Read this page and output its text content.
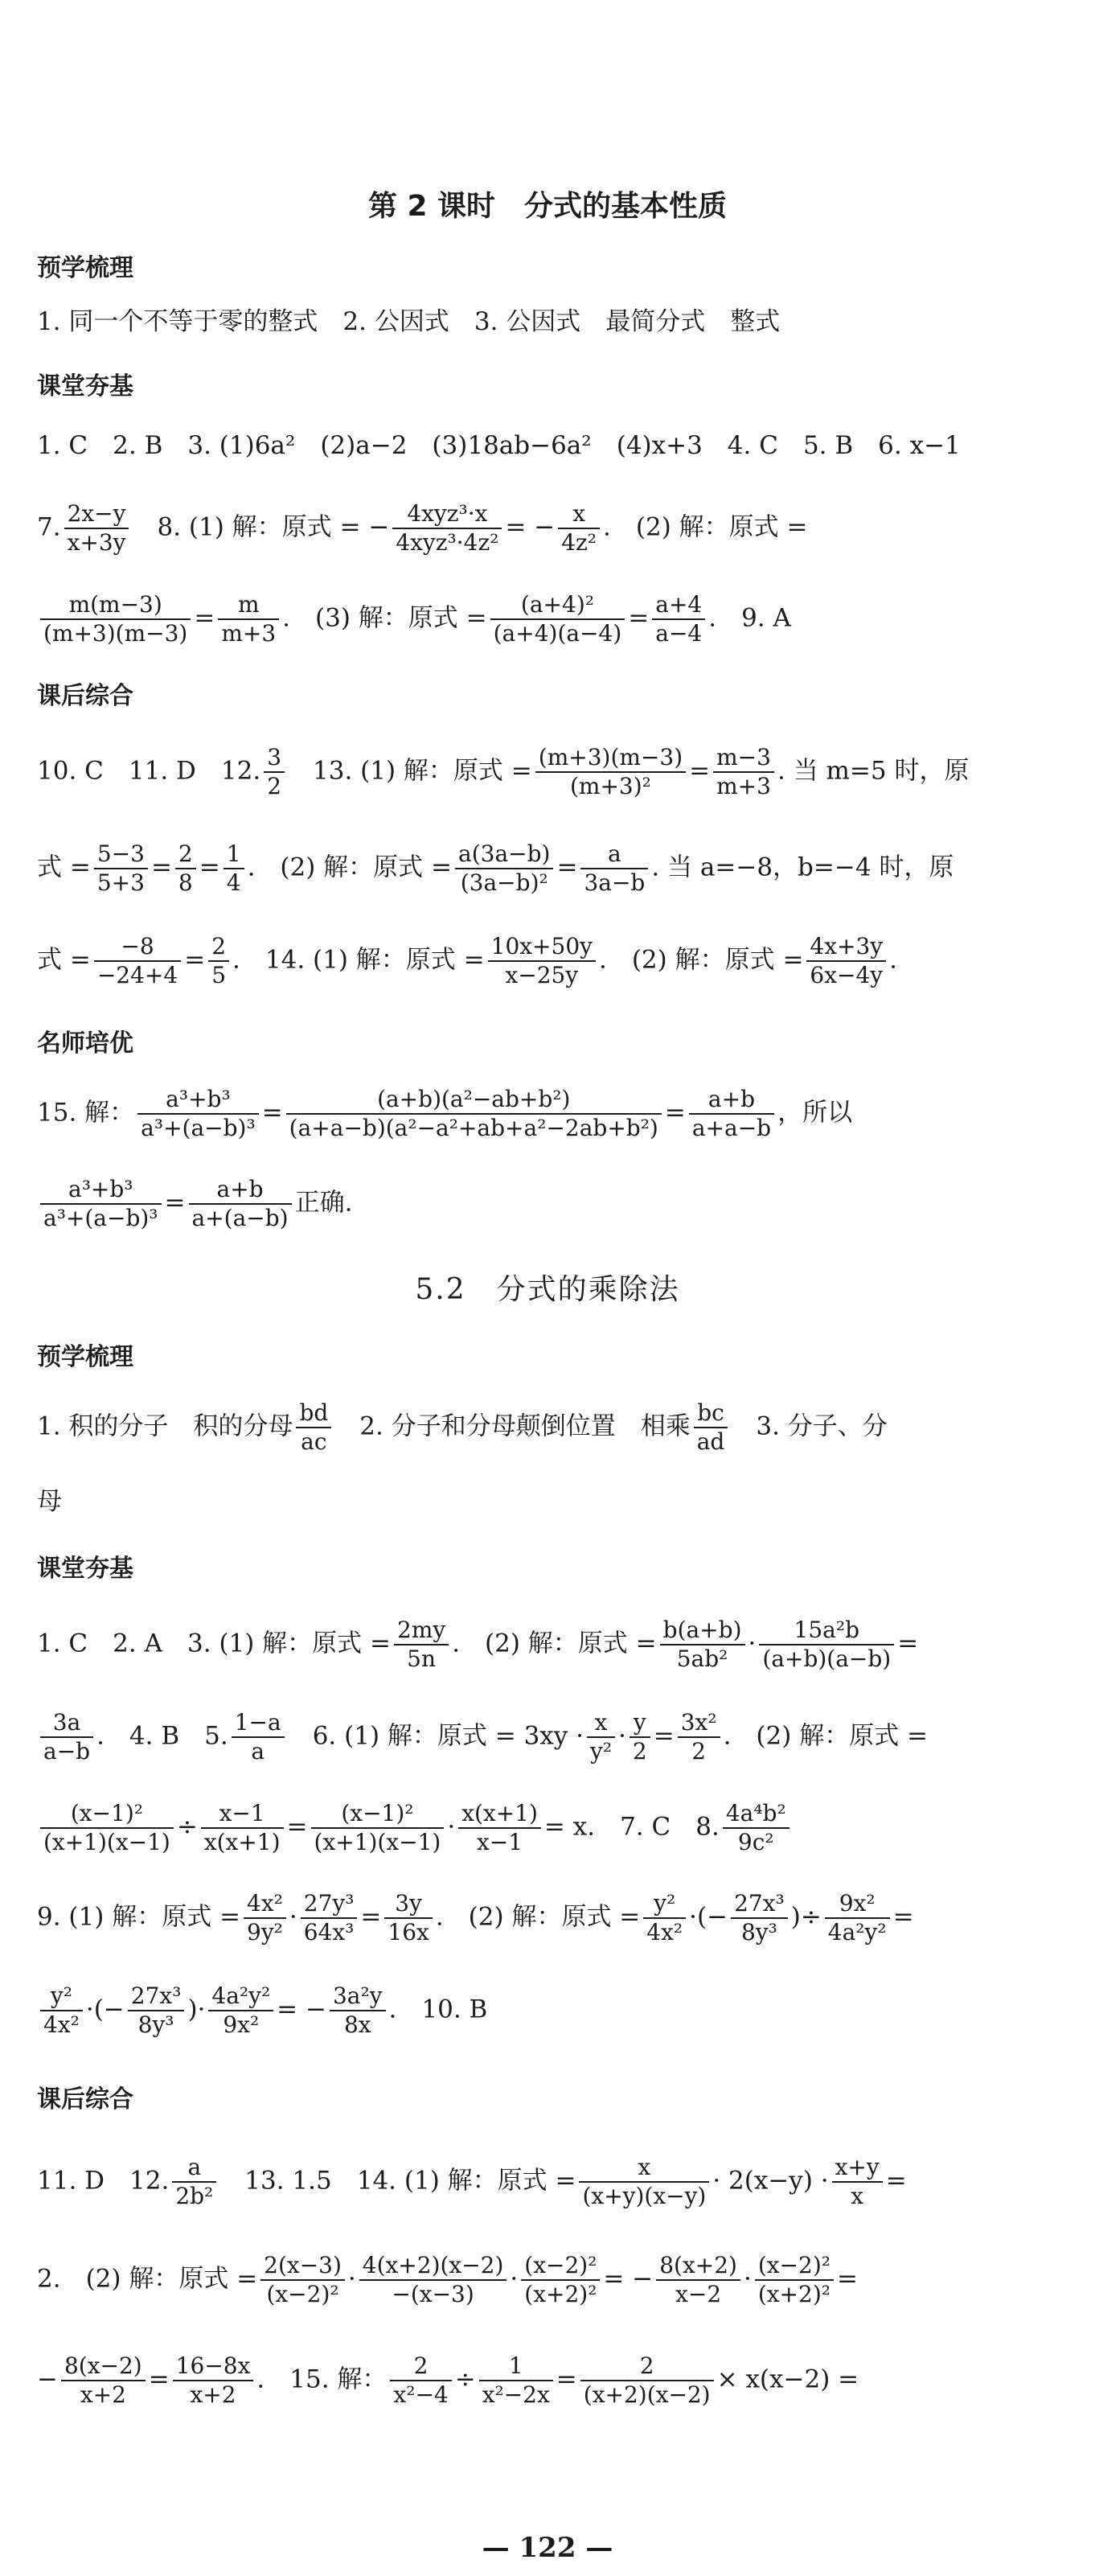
第 2 课时　分式的基本性质
预学梳理
1. 同一个不等于零的整式　2. 公因式　3. 公因式　最简分式　整式
课堂夯基
1. C　2. B　3. (1)6a²　(2)a−2　(3)18ab−6a²　(4)x+3　4. C　5. B　6. x−1
7. $\frac{2x-y}{x+3y}$ 　8. (1) 解：原式 = − $\frac{\text{4xyz³·x}}{\text{4xyz³·4z²}}$ = − $\frac{x}{\text{4z²}}$ .　(2) 解：原式 =
$\frac{m(m-3)}{(m+3)(m-3)} = \frac{m}{m+3}$ .　(3) 解：原式 = $\frac{\text{(a+4)²}}{(a+4)(a-4)} = \frac{a+4}{a-4}$ .　9. A
课后综合
10. C　11. D　12. $\frac{3}{2}$ 　13. (1) 解：原式 = $\frac{(m+3)(m-3)}{\text{(m+3)²}} = \frac{m-3}{m+3}$ . 当 m=5 时，原
式 = $\frac{5-3}{5+3} = \frac{2}{8} = \frac{1}{4}$ .　(2) 解：原式 = $\frac{a(3a-b)}{\text{(3a−b)²}} = \frac{a}{3a-b}$ . 当 a=−8，b=−4 时，原
式 = $\frac{-8}{-24+4} = \frac{2}{5}$ .　14. (1) 解：原式 = $\frac{10x+50y}{x-25y}$ .　(2) 解：原式 = $\frac{4x+3y}{6x-4y}$ .
名师培优
15. 解： $\frac{\text{a³+b³}}{\text{a³+(a−b)³}} = \frac{\text{(a+b)(a²−ab+b²)}}{\text{(a+a−b)(a²−a²+ab+a²−2ab+b²)}} = \frac{a+b}{a+a-b}$ ，所以
$\frac{\text{a³+b³}}{\text{a³+(a−b)³}} = \frac{a+b}{a+(a-b)}$ 正确.
5.2　分式的乘除法
预学梳理
1. 积的分子　积的分母 $\frac{bd}{ac}$ 　2. 分子和分母颠倒位置　相乘 $\frac{bc}{ad}$ 　3. 分子、分
母
课堂夯基
1. C　2. A　3. (1) 解：原式 = $\frac{2my}{5n}$ .　(2) 解：原式 = $\frac{b(a+b)}{\text{5ab²}} \cdot \frac{\text{15a²b}}{(a+b)(a-b)}$ =
$\frac{3a}{a-b}$ .　4. B　5. $\frac{1-a}{a}$ 　6. (1) 解：原式 = $3xy \cdot \frac{x}{\text{y²}} \cdot \frac{y}{2} = \frac{\text{3x²}}{2}$ .　(2) 解：原式 =
$\frac{\text{(x−1)²}}{(x+1)(x-1)} \div \frac{x-1}{x(x+1)} = \frac{\text{(x−1)²}}{(x+1)(x-1)} \cdot \frac{x(x+1)}{x-1} = x$.　7. C　8. $\frac{\text{4a⁴b²}}{\text{9c²}}$
9. (1) 解：原式 = $\frac{\text{4x²}}{\text{9y²}} \cdot \frac{\text{27y³}}{\text{64x³}} = \frac{3y}{16x}$ .　(2) 解：原式 = $\frac{\text{y²}}{\text{4x²}}$ ·(− $\frac{\text{27x³}}{\text{8y³}}$ )÷ $\frac{\text{9x²}}{\text{4a²y²}}$ =
$\frac{\text{y²}}{\text{4x²}}$ ·(− $\frac{\text{27x³}}{\text{8y³}}$ )· $\frac{\text{4a²y²}}{\text{9x²}}$ = − $\frac{\text{3a²y}}{8x}$ .　10. B
课后综合
11. D　12. $\frac{a}{\text{2b²}}$ 　13. 1.5　14. (1) 解：原式 = $\frac{x}{(x+y)(x-y)} \cdot 2(x-y) \cdot \frac{x+y}{x}$ =
2.　(2) 解：原式 = $\frac{2(x-3)}{\text{(x−2)²}} \cdot \frac{4(x+2)(x-2)}{-(x-3)} \cdot \frac{\text{(x−2)²}}{\text{(x+2)²}}$ = − $\frac{8(x+2)}{x-2} \cdot \frac{\text{(x−2)²}}{\text{(x+2)²}}$ =
− $\frac{8(x-2)}{x+2} = \frac{16-8x}{x+2}$ .　15. 解： $\frac{2}{\text{x²−4}} \div \frac{1}{\text{x²−2x}} = \frac{2}{(x+2)(x-2)} \times x(x-2)$ =
— 122 —
